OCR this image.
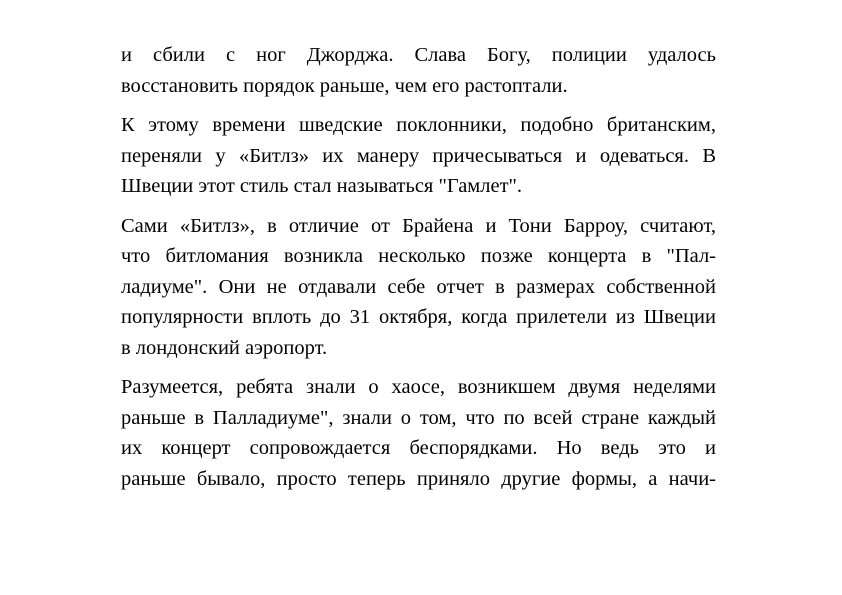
и сбили с ног Джорджа. Слава Богу, полиции удалось
восстановить порядок раньше, чем его растоптали.

К этому времени шведские поклонники, подобно британским,
переняли у «Битлз» их манеру причесываться и одеваться. В
Швеции этот стиль стал называться "Гамлет".

Сами «Битлз», в отличие от Брайена и Тони Барроу, считают,
что битломания возникла несколько позже концерта в "Пал-
ладиуме". Они не отдавали себе отчет в размерах собственной
популярности вплоть до 31 октября, когда прилетели из Швеции
в лондонский аэропорт.

Разумеется, ребята знали о хаосе, возникшем двумя неделями
раньше в Палладиуме", знали о том, что по всей стране каждый
их концерт сопровождается беспорядками. Но ведь это и
раньше бывало, просто теперь приняло другие формы, а начи-
